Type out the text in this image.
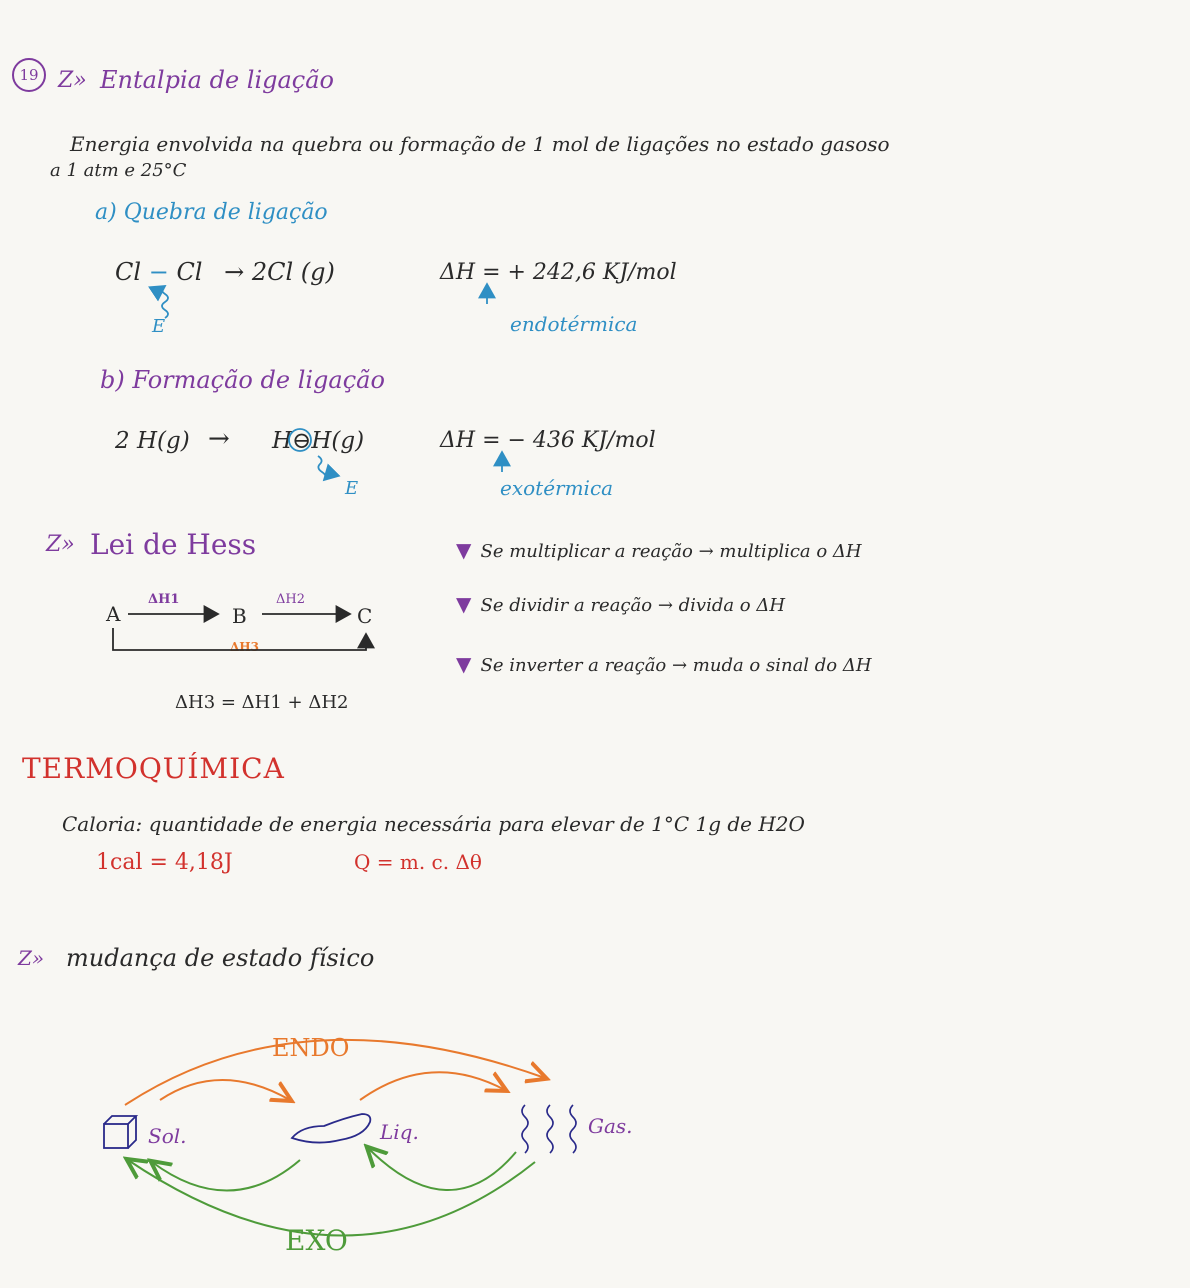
19 Z» Entalpia de ligação
Energia envolvida na quebra ou formação de 1 mol de ligações no estado gasoso
a 1 atm e 25°C
a) Quebra de ligação
Cl − Cl → 2Cl (g)
E
ΔH = + 242,6 KJ/mol
endotérmica
b) Formação de ligação
2 H(g) → H⊖H(g)
E
ΔH = − 436 KJ/mol
exotérmica
Z» Lei de Hess
A	B	C
ΔH1	ΔH2
ΔH3
ΔH3 = ΔH1 + ΔH2
▼ Se multiplicar a reação → multiplica o ΔH
▼ Se dividir a reação → divida o ΔH
▼ Se inverter a reação → muda o sinal do ΔH
TERMOQUÍMICA
Caloria: quantidade de energia necessária para elevar de 1°C 1g de H2O
1cal = 4,18J	Q = m. c. Δθ
Z» mudança de estado físico
ENDO
Sol.	Liq.	Gas.
EXO
